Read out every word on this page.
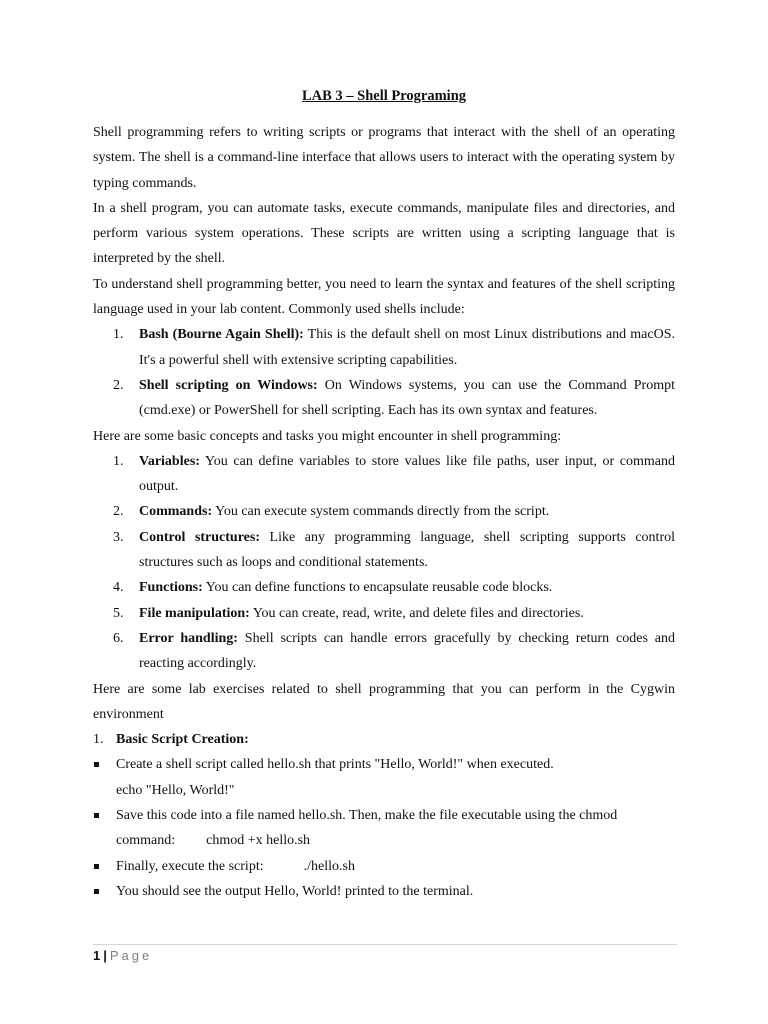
LAB 3 – Shell Programing

Shell programming refers to writing scripts or programs that interact with the shell of an operating system. The shell is a command-line interface that allows users to interact with the operating system by typing commands.

In a shell program, you can automate tasks, execute commands, manipulate files and directories, and perform various system operations. These scripts are written using a scripting language that is interpreted by the shell.

To understand shell programming better, you need to learn the syntax and features of the shell scripting language used in your lab content. Commonly used shells include:

1. Bash (Bourne Again Shell): This is the default shell on most Linux distributions and macOS. It's a powerful shell with extensive scripting capabilities.
2. Shell scripting on Windows: On Windows systems, you can use the Command Prompt (cmd.exe) or PowerShell for shell scripting. Each has its own syntax and features.

Here are some basic concepts and tasks you might encounter in shell programming:

1. Variables: You can define variables to store values like file paths, user input, or command output.
2. Commands: You can execute system commands directly from the script.
3. Control structures: Like any programming language, shell scripting supports control structures such as loops and conditional statements.
4. Functions: You can define functions to encapsulate reusable code blocks.
5. File manipulation: You can create, read, write, and delete files and directories.
6. Error handling: Shell scripts can handle errors gracefully by checking return codes and reacting accordingly.

Here are some lab exercises related to shell programming that you can perform in the Cygwin environment

1. Basic Script Creation:
Create a shell script called hello.sh that prints "Hello, World!" when executed.
echo "Hello, World!"
Save this code into a file named hello.sh. Then, make the file executable using the chmod command: chmod +x hello.sh
Finally, execute the script:	./hello.sh
You should see the output Hello, World! printed to the terminal.
1 | Page
